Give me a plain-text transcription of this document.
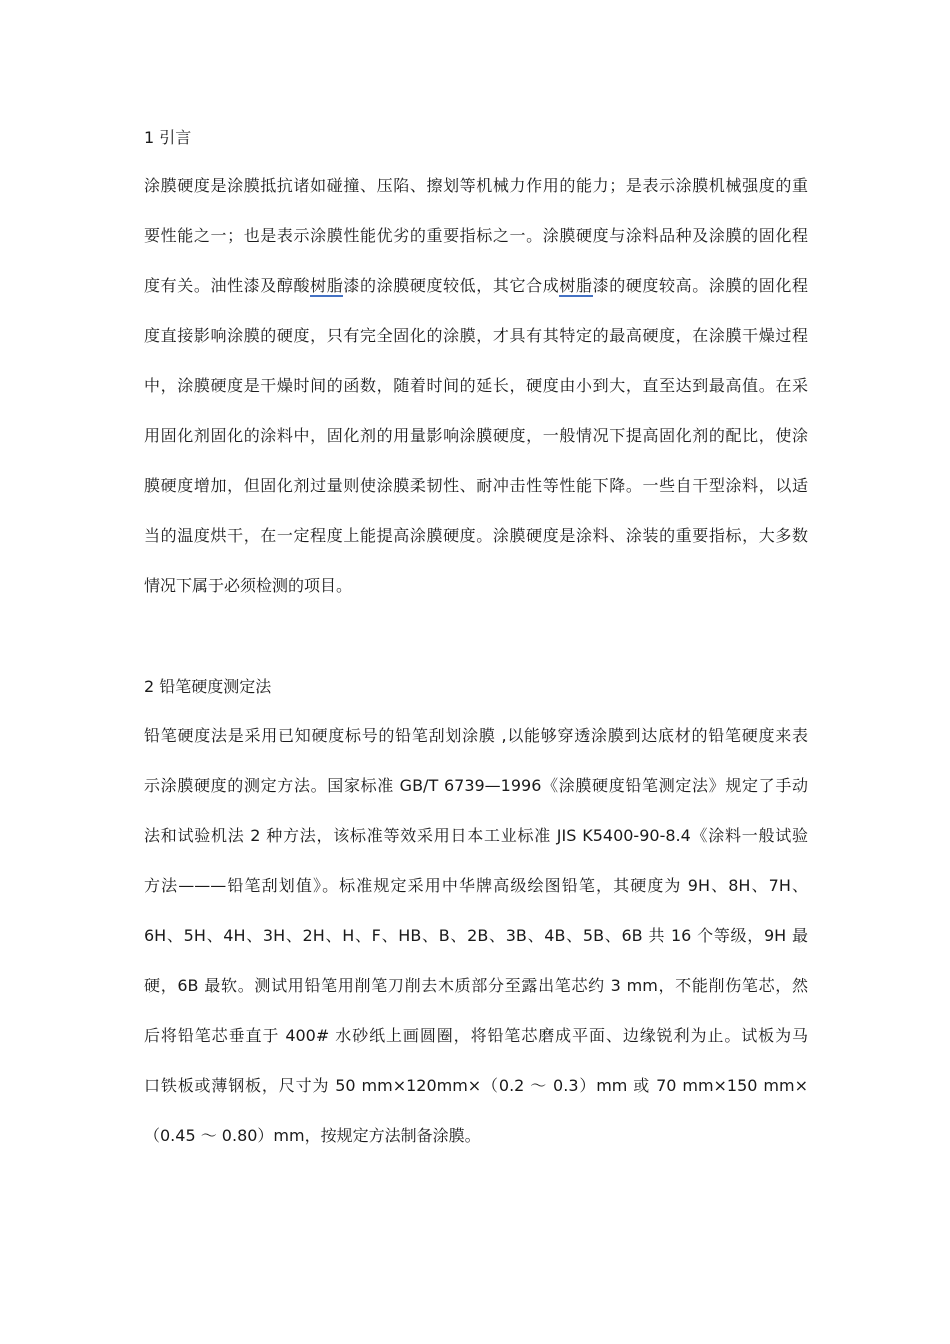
1 引言
涂膜硬度是涂膜抵抗诸如碰撞、压陷、擦划等机械力作用的能力；是表示涂膜机械强度的重
要性能之一；也是表示涂膜性能优劣的重要指标之一。涂膜硬度与涂料品种及涂膜的固化程
度有关。油性漆及醇酸树脂漆的涂膜硬度较低，其它合成树脂漆的硬度较高。涂膜的固化程
度直接影响涂膜的硬度，只有完全固化的涂膜，才具有其特定的最高硬度，在涂膜干燥过程
中，涂膜硬度是干燥时间的函数，随着时间的延长，硬度由小到大，直至达到最高值。在采
用固化剂固化的涂料中，固化剂的用量影响涂膜硬度，一般情况下提高固化剂的配比，使涂
膜硬度增加，但固化剂过量则使涂膜柔韧性、耐冲击性等性能下降。一些自干型涂料，以适
当的温度烘干，在一定程度上能提高涂膜硬度。涂膜硬度是涂料、涂装的重要指标，大多数
情况下属于必须检测的项目。
2 铅笔硬度测定法
铅笔硬度法是采用已知硬度标号的铅笔刮划涂膜 ,以能够穿透涂膜到达底材的铅笔硬度来表
示涂膜硬度的测定方法。国家标准 GB/T 6739—1996《涂膜硬度铅笔测定法》规定了手动
法和试验机法 2 种方法，该标准等效采用日本工业标准 JIS K5400-90-8.4《涂料一般试验
方法———铅笔刮划值》。标准规定采用中华牌高级绘图铅笔，其硬度为 9H、8H、7H、
6H、5H、4H、3H、2H、H、F、HB、B、2B、3B、4B、5B、6B 共 16 个等级，9H 最
硬，6B 最软。测试用铅笔用削笔刀削去木质部分至露出笔芯约 3 mm，不能削伤笔芯，然
后将铅笔芯垂直于 400# 水砂纸上画圆圈，将铅笔芯磨成平面、边缘锐利为止。试板为马
口铁板或薄钢板，尺寸为 50 mm×120mm×（0.2 ～ 0.3）mm 或 70 mm×150 mm×
（0.45 ～ 0.80）mm，按规定方法制备涂膜。
